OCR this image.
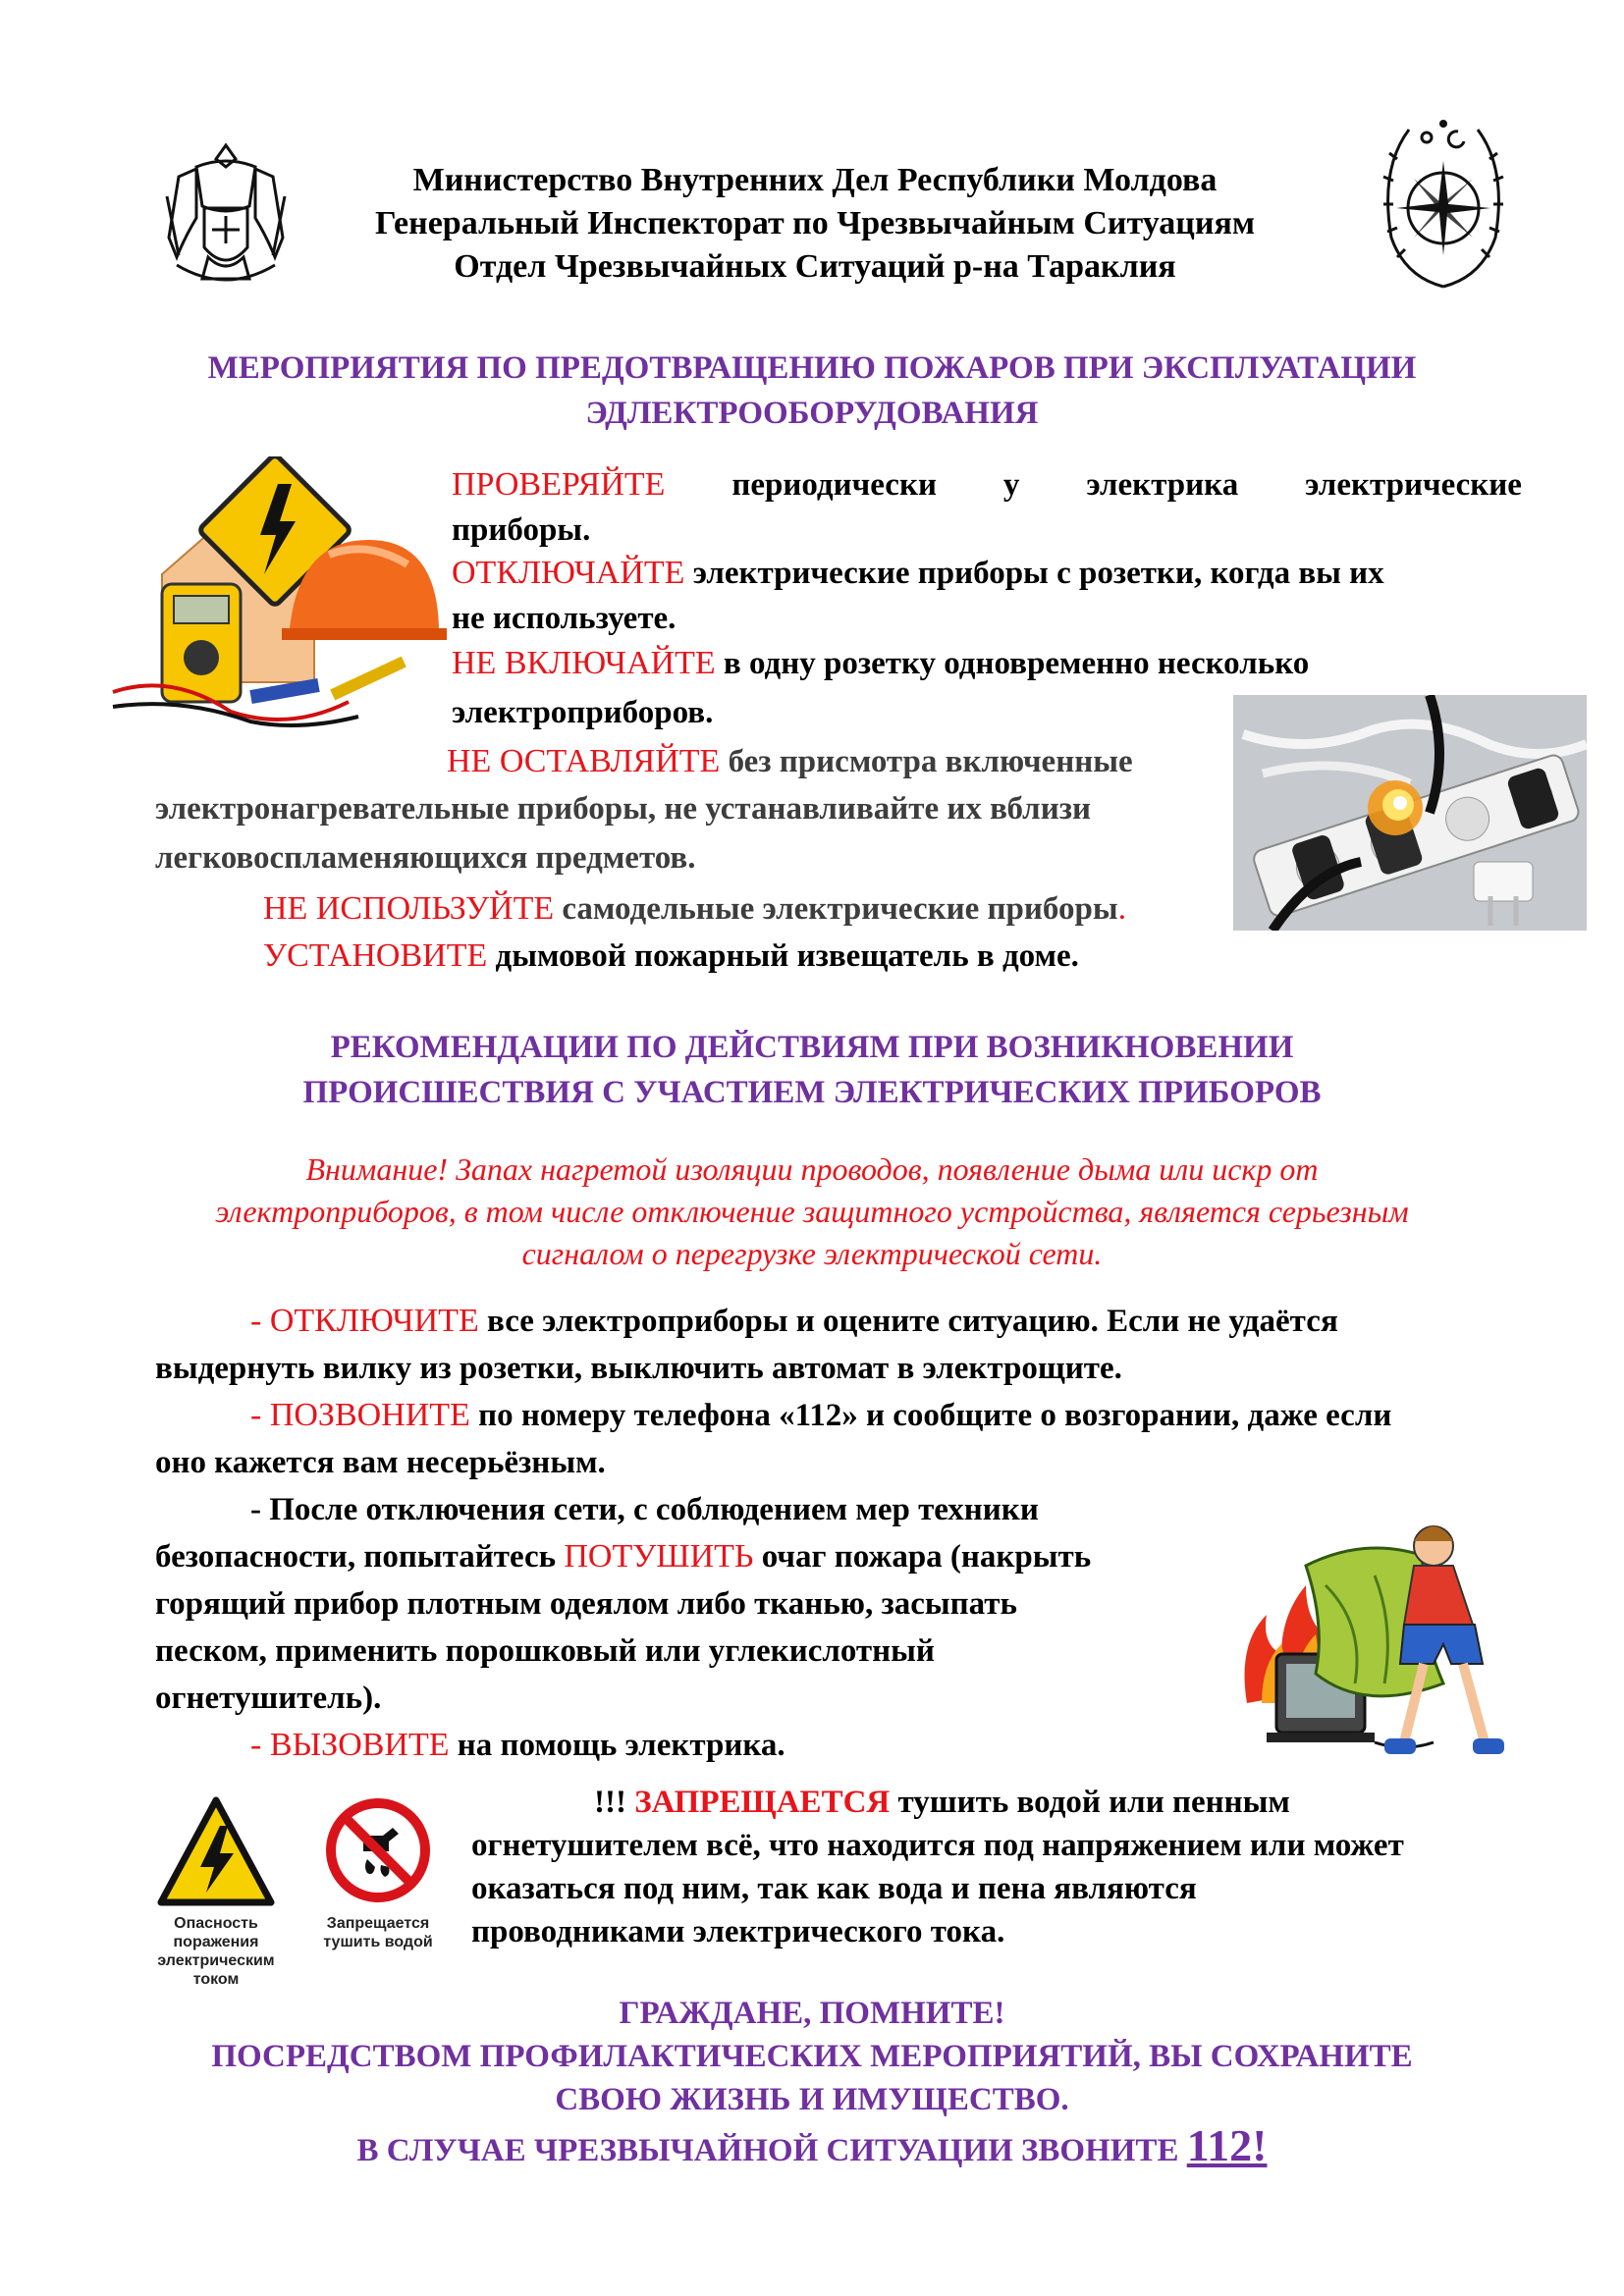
Министерство Внутренних Дел Республики Молдова
Генеральный Инспекторат по Чрезвычайным Ситуациям
Отдел Чрезвычайных Ситуаций р-на Тараклия
МЕРОПРИЯТИЯ ПО ПРЕДОТВРАЩЕНИЮ ПОЖАРОВ ПРИ ЭКСПЛУАТАЦИИ
ЭДЛЕКТРООБОРУДОВАНИЯ
ПРОВЕРЯЙТЕ периодически у электрика электрические
приборы.
ОТКЛЮЧАЙТЕ электрические приборы с розетки, когда вы их
не используете.
НЕ ВКЛЮЧАЙТЕ в одну розетку одновременно несколько
электроприборов.
НЕ ОСТАВЛЯЙТЕ без присмотра включенные
электронагревательные приборы, не устанавливайте их вблизи
легковоспламеняющихся предметов.
НЕ ИСПОЛЬЗУЙТЕ самодельные электрические приборы.
УСТАНОВИТЕ дымовой пожарный извещатель в доме.
РЕКОМЕНДАЦИИ ПО ДЕЙСТВИЯМ ПРИ ВОЗНИКНОВЕНИИ
ПРОИСШЕСТВИЯ С УЧАСТИЕМ ЭЛЕКТРИЧЕСКИХ ПРИБОРОВ
Внимание! Запах нагретой изоляции проводов, появление дыма или искр от
электроприборов, в том числе отключение защитного устройства, является серьезным
сигналом о перегрузке электрической сети.
- ОТКЛЮЧИТЕ все электроприборы и оцените ситуацию. Если не удаётся
выдернуть вилку из розетки, выключить автомат в электрощите.
- ПОЗВОНИТЕ по номеру телефона «112» и сообщите о возгорании, даже если
оно кажется вам несерьёзным.
- После отключения сети, с соблюдением мер техники
безопасности, попытайтесь ПОТУШИТЬ очаг пожара (накрыть
горящий прибор плотным одеялом либо тканью, засыпать
песком, применить порошковый или углекислотный
огнетушитель).
- ВЫЗОВИТЕ на помощь электрика.
Опасность
поражения
электрическим
током
Запрещается
тушить водой
!!! ЗАПРЕЩАЕТСЯ тушить водой или пенным
огнетушителем всё, что находится под напряжением или может
оказаться под ним, так как вода и пена являются
проводниками электрического тока.
ГРАЖДАНЕ, ПОМНИТЕ!
ПОСРЕДСТВОМ ПРОФИЛАКТИЧЕСКИХ МЕРОПРИЯТИЙ, ВЫ СОХРАНИТЕ
СВОЮ ЖИЗНЬ И ИМУЩЕСТВО.
В СЛУЧАЕ ЧРЕЗВЫЧАЙНОЙ СИТУАЦИИ ЗВОНИТЕ 112!
